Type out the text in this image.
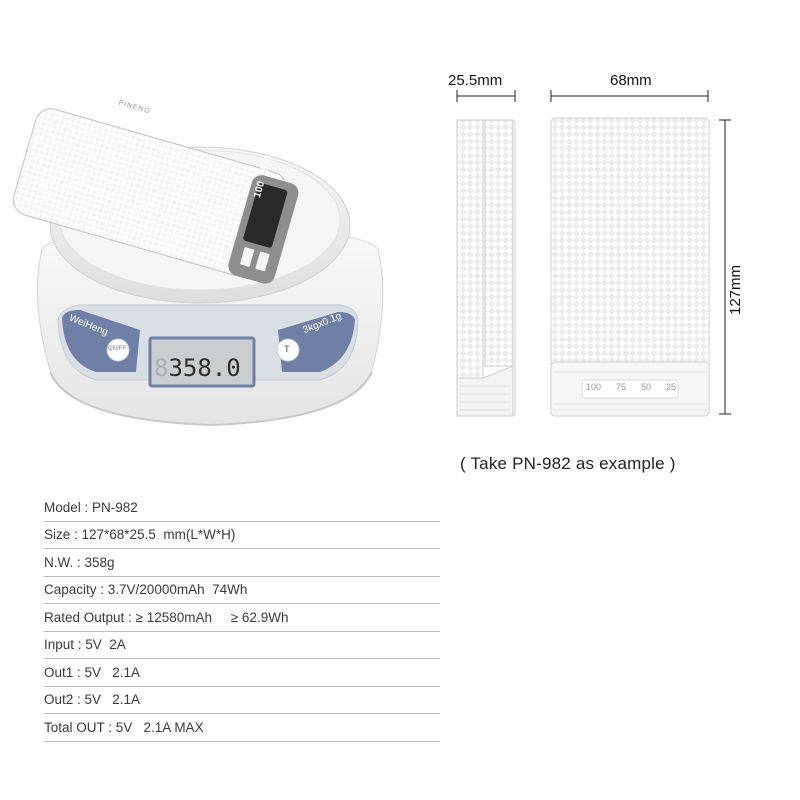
PINENG
100
75
50
25
WeiHeng
ON/FF	T
3kgx0.1g
8 358.0
25.5mm	68mm
127mm
100 75 50 25
( Take PN-982 as example )
Model : PN-982
Size : 127*68*25.5  mm(L*W*H)
N.W. : 358g
Capacity : 3.7V/20000mAh  74Wh
Rated Output : ≥ 12580mAh     ≥ 62.9Wh
Input : 5V  2A
Out1 : 5V   2.1A
Out2 : 5V   2.1A
Total OUT : 5V   2.1A MAX
